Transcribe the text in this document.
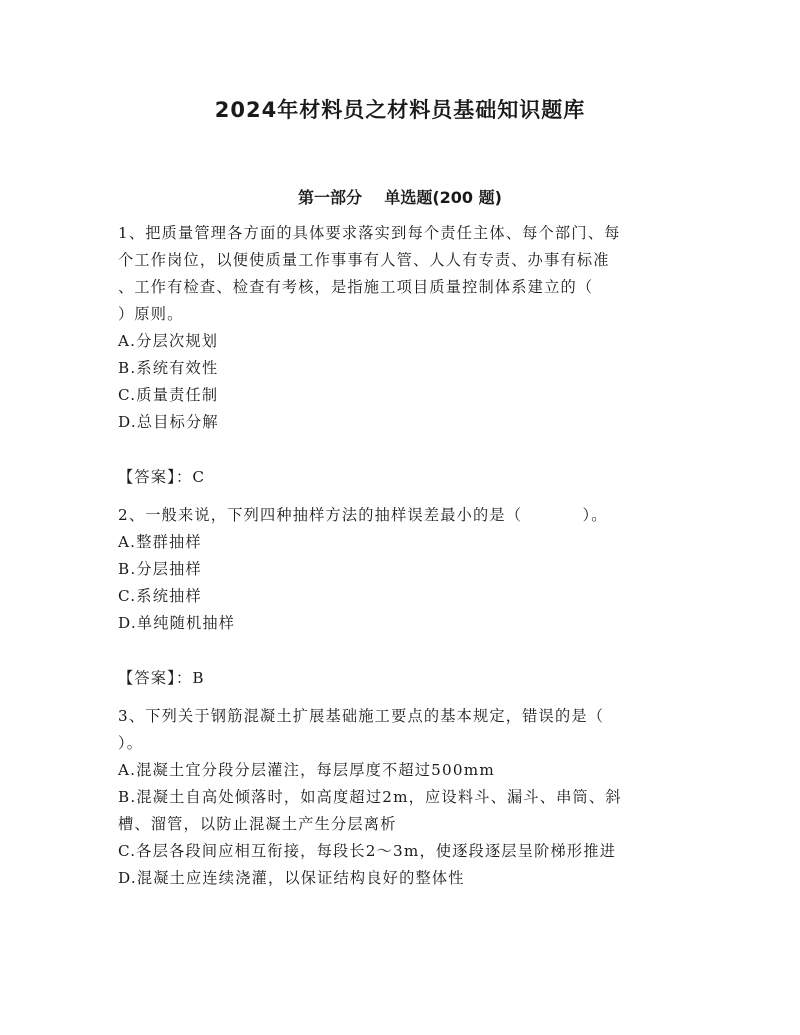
2024年材料员之材料员基础知识题库
第一部分    单选题(200 题)

1、把质量管理各方面的具体要求落实到每个责任主体、每个部门、每

个工作岗位，以便使质量工作事事有人管、人人有专责、办事有标准

、工作有检查、检查有考核，是指施工项目质量控制体系建立的（

）原则。

A.分层次规划

B.系统有效性

C.质量责任制

D.总目标分解

【答案】：C

2、一般来说，下列四种抽样方法的抽样误差最小的是（          ）。

A.整群抽样

B.分层抽样

C.系统抽样

D.单纯随机抽样

【答案】：B

3、下列关于钢筋混凝土扩展基础施工要点的基本规定，错误的是（

）。

A.混凝土宜分段分层灌注，每层厚度不超过500mm

B.混凝土自高处倾落时，如高度超过2m，应设料斗、漏斗、串筒、斜

槽、溜管，以防止混凝土产生分层离析

C.各层各段间应相互衔接，每段长2～3m，使逐段逐层呈阶梯形推进

D.混凝土应连续浇灌，以保证结构良好的整体性
